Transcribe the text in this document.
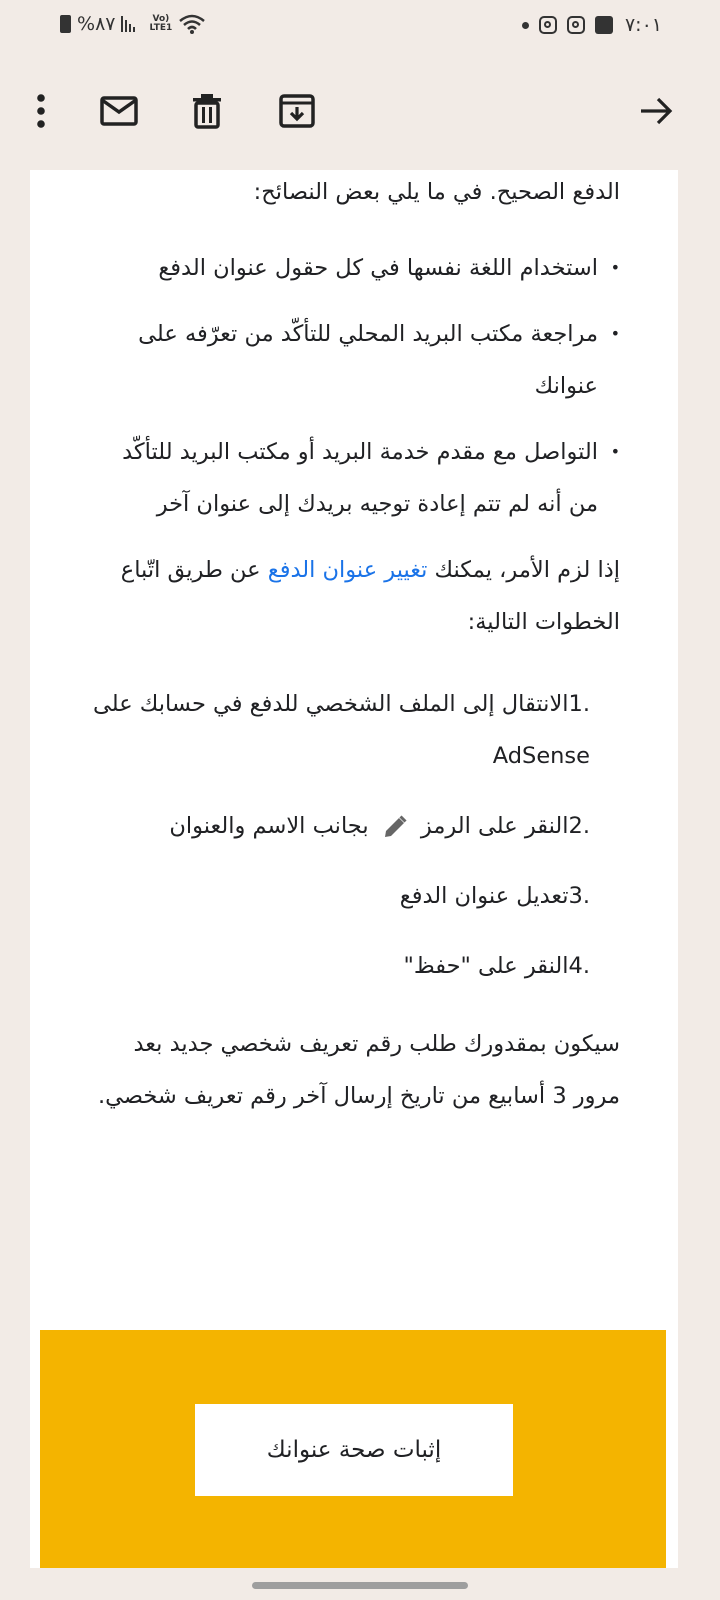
%٨٧	Vo)
LTE1	٧:٠١

الدفع الصحيح. في ما يلي بعض النصائح:

• استخدام اللغة نفسها في كل حقول عنوان الدفع
• مراجعة مكتب البريد المحلي للتأكّد من تعرّفه على عنوانك
• التواصل مع مقدم خدمة البريد أو مكتب البريد للتأكّد من أنه لم تتم إعادة توجيه بريدك إلى عنوان آخر

إذا لزم الأمر، يمكنك تغيير عنوان الدفع عن طريق اتّباع الخطوات التالية:

1.الانتقال إلى الملف الشخصي للدفع في حسابك على AdSense
2.النقر على الرمز  بجانب الاسم والعنوان
3.تعديل عنوان الدفع
4.النقر على "حفظ"

سيكون بمقدورك طلب رقم تعريف شخصي جديد بعد مرور 3 أسابيع من تاريخ إرسال آخر رقم تعريف شخصي.

إثبات صحة عنوانك
